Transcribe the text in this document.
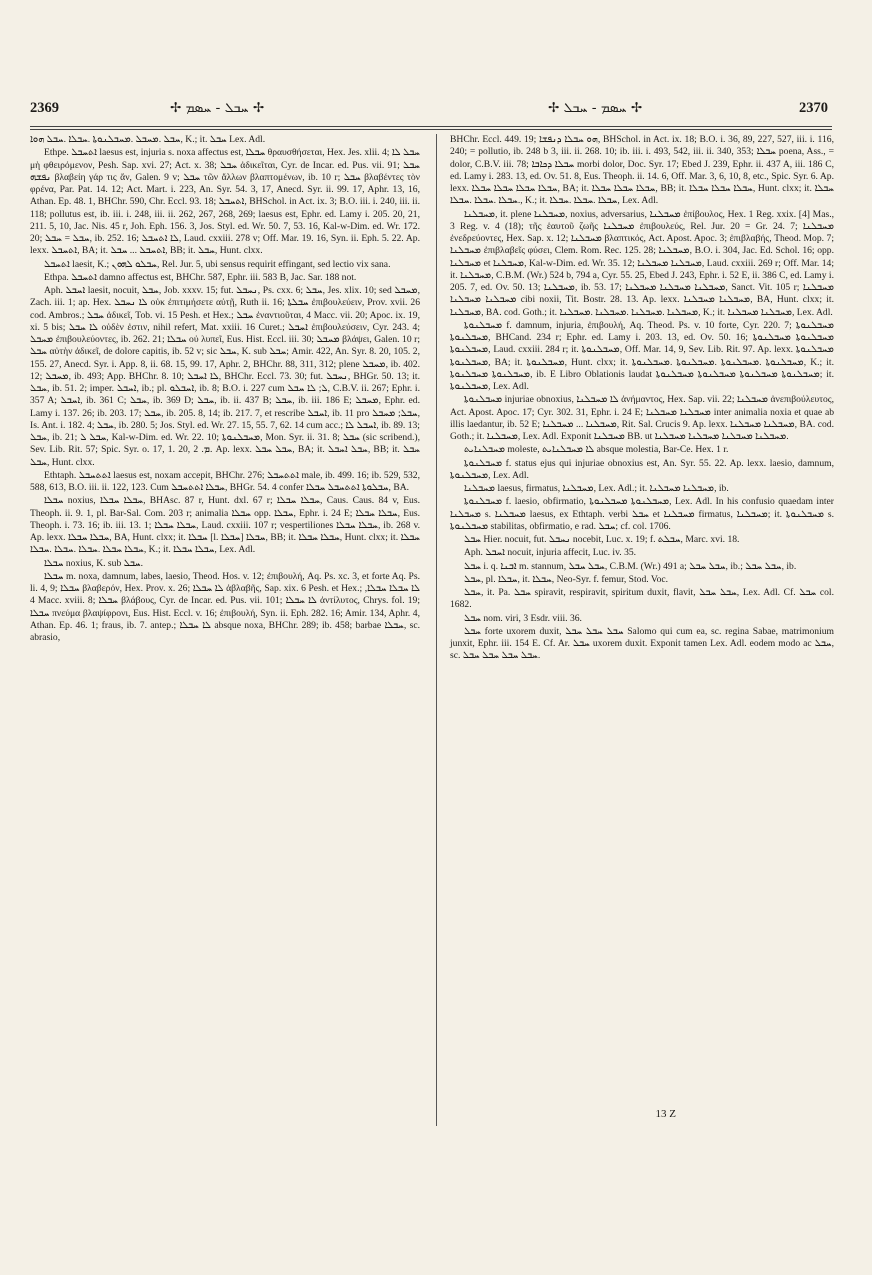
2369	✢ ܚܒܠ - ܚܣܡ ✢	✢ ܚܣܡ - ܚܒܠ ✢	2370

ܚܒܠ .ܡܚܒܠ .ܡܚܒܠܢܘܬܐ .ܚܒܠܐ .ܚܒܠ ܗܘܐ, K.; it. ܚܒܠ Lex. Adl.

Ethpe. ܐܬܚܒܠ laesus est, injuria s. noxa affectus est, ܚܒܠܐ θραυσθήσεται, Hex. Jes. xlii. 4; ܚܒܠ ܠܐ μὴ φθειρόμενον, Pesh. Sap. xvi. 27; Act. x. 38; ܚܒܠ ἀδικεῖται, Cyr. de Incar. ed. Pus. vii. 91; ܚܒܠ ܢܦܫܗ βλαβείη γάρ τις ἄν, Galen. 9 v; ܚܒܠ τῶν ἄλλων βλαπτομένων, ib. 10 r; ܚܒܠ βλαβέντες τὸν φρένα, Par. Pat. 14. 12; Act. Mart. i. 223, An. Syr. 54. 3, 17, Anecd. Syr. ii. 99. 17, Aphr. 13, 16, Athan. Ep. 48. 1, BHChr. 590, Chr. Eccl. 93. 18; ܐܬܚܒܠ, BHSchol. in Act. ix. 3; B.O. iii. i. 240, iii. ii. 118; pollutus est, ib. iii. i. 248, iii. ii. 262, 267, 268, 269; laesus est, Ephr. ed. Lamy i. 205. 20, 21, 211. 5, 10, Jac. Nis. 45 r, Joh. Eph. 156. 3, Jos. Styl. ed. Wr. 50. 7, 53. 16, Kal-w-Dim. ed. Wr. 172. 20; ܚܒܠ = ܚܒܠ, ib. 252. 16; ܠܐ ܐܬܚܒܠ, Laud. cxxiii. 278 v; Off. Mar. 19. 16, Syn. ii. Eph. 5. 22. Ap. lexx. ܐܬܚܒܠ, BA; it. ܐܬܚܒܠ ... ܚܒܠ, BB; it. ܚܒܠ, Hunt. clxx.

ܐܬܚܒܠ laesit, K.; ܚܒܠܘ ܠܗܘܢ, Rel. Jur. 5, ubi sensus requirit effingant, sed lectio vix sana.

Ethpa. ܐܬܚܒܠ damno affectus est, BHChr. 587, Ephr. iii. 583 B, Jac. Sar. 188 not.

Aph. ܐܚܒܠ laesit, nocuit, ܚܒܠ, Job. xxxv. 15; fut. ܢܚܒܠ, Ps. cxx. 6; ܚܒܠ, Jes. xlix. 10; sed ܡܚܒܠ, Zach. iii. 1; ap. Hex. ܠܐ ܢܚܒܠ οὐκ ἐπιτιμήσετε αὐτῇ, Ruth ii. 16; ܚܒܠܬܐ ἐπιβουλεύειν, Prov. xvii. 26 cod. Ambros.; ܚܒܠ ἀδικεῖ, Tob. vi. 15 Pesh. et Hex.; ܚܒܠ ἐναντιοῦται, 4 Macc. vii. 20; Apoc. ix. 19, xi. 5 bis; ܠܐ ܚܒܠ οὐδὲν ἐστιν, nihil refert, Mat. xxiii. 16 Curet.; ܐܚܒܠ ἐπιβουλεύσειν, Cyr. 243. 4; ܡܚܒܠ ἐπιβουλεύοντες, ib. 262. 21; ܚܒܠܐ οὐ λυπεῖ, Eus. Hist. Eccl. iii. 30; ܡܚܒܠ βλάψει, Galen. 10 r; ܚܒܠ αὐτὴν ἀδικεῖ, de dolore capitis, ib. 52 v; sic ܚܒܠ, K. sub ܚܒܠ; Amir. 422, An. Syr. 8. 20, 105. 2, 155. 27, Anecd. Syr. i. App. 8, ii. 68. 15, 99. 17, Aphr. 2, BHChr. 88, 311, 312; plene ܡܚܒܠ, ib. 402. 12; ܡܚܒܠ, ib. 493; App. BHChr. 8. 10; ܠܐ ܐܚܒܠ, BHChr. Eccl. 73. 30; fut. ܢܚܒܠ, BHGr. 50. 13; it. ܚܒܠ, ib. 51. 2; imper. ܐܚܒܠ, ib.; pl. ܐܚܒܠܘ, ib. 8; B.O. i. 227 cum ܠ; ܠܐ ܚܒܠ, C.B.V. ii. 267; Ephr. i. 357 A; ܐܚܒܠ, ib. 361 C; ܚܒܠ, ib. 369 D; ܚܒܠ, ib. ii. 437 B; ܚܒܠ, ib. iii. 186 E; ܡܚܒܠ, Ephr. ed. Lamy i. 137. 26; ib. 203. 17; ܚܒܠ, ib. 205. 8, 14; ib. 217. 7, et rescribe ܐܚܒܠ, ib. 11 pro ܚܒܠ; ܡܚܒܠ, Is. Ant. i. 182. 4; ܚܒܠ, ib. 280. 5; Jos. Styl. ed. Wr. 27. 15, 55. 7, 62. 14 cum acc.; ܐܚܒܠ ܠܐ, ib. 89. 13; ܚܒܠ, ib. 21; ܚܒܠ ܠ, Kal-w-Dim. ed. Wr. 22. 10; ܡܚܒܠܢܘܬܐ, Mon. Syr. ii. 31. 8; ܚܒܠ (sic scribend.), Sev. Lib. Rit. 57; Spic. Syr. o. 17, 1. 20, ܡ. 2. Ap. lexx. ܚܒܠ ܚܒܠ, BA; it. ܚܒܠ ܐܚܒܠ, BB; it. ܚܒܠ ܚܒܠ, Hunt. clxx.

Ethtaph. ܐܬܬܚܒܠ laesus est, noxam accepit, BHChr. 276; ܐܬܬܚܒܠ male, ib. 499. 16; ib. 529, 532, 588, 613, B.O. iii. ii. 122, 123. Cum ܚܒܠܐ ܐܬܬܚܒܠ, BHGr. 54. 4 confer ܚܒܠܘܬܐ ܐܬܬܚܒܠ ܚܒܠܐ, BA.

ܚܒܠܐ noxius, ܚܒܠܐ ܚܒܠܐ, BHAsc. 87 r, Hunt. dxl. 67 r; ܚܒܠܐ ܚܒܠܐ, Caus. Caus. 84 v, Eus. Theoph. ii. 9. 1, pl. Bar-Sal. Com. 203 r; animalia ܚܒܠܐ opp. ܚܒܠܐ, Ephr. i. 24 E; ܚܒܠܐ ܚܒܠܐ, Eus. Theoph. i. 73. 16; ib. iii. 13. 1; ܚܒܠܐ ܚܒܠܐ, Laud. cxxiii. 107 r; vespertiliones ܚܒܠܐ ܚܒܠܐ, ib. 268 v. Ap. lexx. ܚܒܠܐ ܚܒܠܐ, BA, Hunt. clxx; it. ܚܒܠܐ [l. ܚܒܠܐ] ܚܒܠܐ, BB; it. ܚܒܠܐ ܚܒܠܐ, Hunt. clxx; it. ܚܒܠܐ ܚܒܠܐ ܚܒܠܐ .ܚܒܠܐ .ܚܒܠܐ .ܚܒܠܐ, K.; it. ܚܒܠܐ ܚܒܠܐ, Lex. Adl.

ܚܒܠܐ noxius, K. sub ܚܒܠ.

ܚܒܠܐ m. noxa, damnum, labes, laesio, Theod. Hos. v. 12; ἐπιβουλή, Aq. Ps. xc. 3, et forte Aq. Ps. li. 4, 9; ܚܒܠܐ βλαβερόν, Hex. Prov. x. 26; ܠܐ ܚܒܠܐ ἀβλαβῆς, Sap. xix. 6 Pesh. et Hex.; ܠܐ ܚܒܠܐ ܚܒܠܐ, 4 Macc. xviii. 8; ܚܒܠܐ βλάβους, Cyr. de Incar. ed. Pus. vii. 101; ܠܐ ܚܒܠܐ ἀντίλυτος, Chrys. fol. 19; ܚܒܠܐ πνεύμα βλαψίφρονι, Eus. Hist. Eccl. v. 16; ἐπιβουλή, Syn. ii. Eph. 282. 16; Amir. 134, Aphr. 4, Athan. Ep. 46. 1; fraus, ib. 7. antep.; ܠܐ ܚܒܠܐ absque noxa, BHChr. 289; ib. 458; barbae ܚܒܠܐ, sc. abrasio,

BHChr. Eccl. 449. 19; ܗܘ ܚܒܠܐ ܕܢܦܫܐ, BHSchol. in Act. ix. 18; B.O. i. 36, 89, 227, 527, iii. i. 116, 240; = pollutio, ib. 248 b 3, iii. ii. 268. 10; ib. iii. i. 493, 542, iii. ii. 340, 353; ܚܒܠܐ poena, Ass., = dolor, C.B.V. iii. 78; ܚܒܠܐ ܕܟܐܒܐ morbi dolor, Doc. Syr. 17; Ebed J. 239, Ephr. ii. 437 A, iii. 186 C, ed. Lamy i. 283. 13, ed. Ov. 51. 8, Eus. Theoph. ii. 14. 6, Off. Mar. 3, 6, 10, 8, etc., Spic. Syr. 6. Ap. lexx. ܚܒܠܐ ܚܒܠܐ ܚܒܠܐ ܚܒܠܐ, BA; it. ܚܒܠܐ ܚܒܠܐ ܚܒܠܐ, BB; it. ܚܒܠܐ ܚܒܠܐ ܚܒܠܐ, Hunt. clxx; it. ܚܒܠܐ .ܚܒܠܐ .ܚܒܠܐ .ܚܒܠܐ, K.; it. ܚܒܠܐ .ܚܒܠܐ .ܚܒܠܐ, Lex. Adl.

ܡܚܒܠܢܐ, it. plene ܡܚܒܠܢܐ, noxius, adversarius, ܡܚܒܠܢܐ ἐπίβουλος, Hex. 1 Reg. xxix. [4] Mas., 3 Reg. v. 4 (18); τῆς ἑαυτοῦ ζωῆς ܡܚܒܠܢܐ ἐπιβουλεύς, Rel. Jur. 20 = Gr. 24. 7; ܡܚܒܠܢܐ ἐνεδρεύοντες, Hex. Sap. x. 12; ܡܚܒܠܢܐ βλαπτικός, Act. Apost. Apoc. 3; ἐπιβλαβής, Theod. Mop. 7; ܡܚܒܠܢܐ ἐπιβλαβεῖς φύσει, Clem. Rom. Rec. 125. 28; ܡܚܒܠܢܐ, B.O. i. 304, Jac. Ed. Schol. 16; opp. ܡܚܒܠܢܐ et ܡܚܒܠܢܐ, Kal-w-Dim. ed. Wr. 35. 12; ܡܚܒܠܢܐ ܡܚܒܠܢܐ, Laud. cxxiii. 269 r; Off. Mar. 14; it. ܡܚܒܠܢܐ, C.B.M. (Wr.) 524 b, 794 a, Cyr. 55. 25, Ebed J. 243, Ephr. i. 52 E, ii. 386 C, ed. Lamy i. 205. 7, ed. Ov. 50. 13; ܡܚܒܠܢܐ, ib. 53. 17; ܡܚܒܠܢܐ ܡܚܒܠܢܐ ܡܚܒܠܢܐ, Sanct. Vit. 105 r; ܡܚܒܠܢܐ ܡܚܒܠܢܐ ܡܚܒܠܢܐ cibi noxii, Tit. Bostr. 28. 13. Ap. lexx. ܡܚܒܠܢܐ ܡܚܒܠܢܐ, BA, Hunt. clxx; it. ܡܚܒܠܢܐ, BA. cod. Goth.; it. ܡܚܒܠܢܐ .ܡܚܒܠܢܐ .ܡܚܒܠܢܐ .ܡܚܒܠܢܐ, K.; it. ܡܚܒܠܢܐ ܡܚܒܠܢܐ, Lex. Adl.

ܡܚܒܠܢܘܬܐ f. damnum, injuria, ἐπιβουλή, Aq. Theod. Ps. v. 10 forte, Cyr. 220. 7; ܡܚܒܠܢܘܬܐ ܡܚܒܠܢܘܬܐ, BHCand. 234 r; Ephr. ed. Lamy i. 203. 13, ed. Ov. 50. 16; ܡܚܒܠܢܘܬܐ ܡܚܒܠܢܘܬܐ ܡܚܒܠܢܘܬܐ, Laud. cxxiii. 284 r; it. ܡܚܒܠܢܘܬܐ, Off. Mar. 14, 9, Sev. Lib. Rit. 97. Ap. lexx. ܡܚܒܠܢܘܬܐ ܡܚܒܠܢܘܬܐ, BA; it. ܡܚܒܠܢܘܬܐ, Hunt. clxx; it. ܡܚܒܠܢܘܬܐ .ܡܚܒܠܢܘܬܐ .ܡܚܒܠܢܘܬܐ .ܡܚܒܠܢܘܬܐ, K.; it. ܡܚܒܠܢܘܬܐ ܡܚܒܠܢܘܬܐ, ib. E Libro Oblationis laudat ܡܚܒܠܢܘܬܐ ܡܚܒܠܢܘܬܐ ܡܚܒܠܢܘܬܐ ܡܚܒܠܢܘܬܐ; it. ܡܚܒܠܢܘܬܐ, Lex. Adl.

ܡܚܒܠܢܘܬܐ injuriae obnoxius, ܠܐ ܡܚܒܠܢܐ ἀνήμαντος, Hex. Sap. vii. 22; ܡܚܒܠܢܐ ἀνεπιβούλευτος, Act. Apost. Apoc. 17; Cyr. 302. 31, Ephr. i. 24 E; ܡܚܒܠܢܐ ܡܚܒܠܢܐ inter animalia noxia et quae ab illis laedantur, ib. 52 E; ܡܚܒܠܢܐ ... ܡܚܒܠܢܐ, Rit. Sal. Crucis 9. Ap. lexx. ܡܚܒܠܢܐ ܡܚܒܠܢܐ, BA. cod. Goth.; it. ܡܚܒܠܢܐ, Lex. Adl. Exponit ܡܚܒܠܢܐ BB. ut ܡܚܒܠܢܐ ܡܚܒܠܢܐ ܡܚܒܠܢܐ ܡܚܒܠܢܐ.

ܡܚܒܠܢܐܝܬ moleste, ܠܐ ܡܚܒܠܢܐܝܬ absque molestia, Bar-Ce. Hex. 1 r.

ܡܚܒܠܢܘܬܐ f. status ejus qui injuriae obnoxius est, An. Syr. 55. 22. Ap. lexx. laesio, damnum, ܡܚܒܠܢܘܬܐ, Lex. Adl.

ܡܚܒܠܢܐ laesus, firmatus, ܡܚܒܠܢܐ, Lex. Adl.; it. ܡܚܒܠܢܐ ܡܚܒܠܢܐ, ib.

ܡܚܒܠܢܘܬܐ f. laesio, obfirmatio, ܡܚܒܠܢܘܬܐ ܡܚܒܠܢܘܬܐ, Lex. Adl. In his confusio quaedam inter ܡܚܒܠܢܐ s. ܡܚܒܠܢܐ laesus, ex Ethtaph. verbi ܚܒܠ et ܡܚܒܠܢܐ firmatus, ܡܚܒܠܢܐ; it. ܡܚܒܠܢܘܬܐ s. ܡܚܒܠܢܘܬܐ stabilitas, obfirmatio, e rad. ܚܒܠ; cf. col. 1706.

ܚܒܠ Hier. nocuit, fut. ܢܚܒܠ nocebit, Luc. x. 19; f. ܚܒܠܬ, Marc. xvi. 18.

Aph. ܐܚܒܠ nocuit, injuria affecit, Luc. iv. 35.

ܚܒܠ i. q. ܐܒܢܐ m. stannum, ܚܒܠ ܚܒܠ, C.B.M. (Wr.) 491 a; ܚܒܠ ܚܒܠ, ib.; ܚܒܠ ܚܒܠ, ib.

ܚܒܠ, pl. ܚܒܠܐ, it. ܚܒܠܐ, Neo-Syr. f. femur, Stod. Voc.

ܚܒܠ, it. Pa. ܚܒܠ spiravit, respiravit, spiritum duxit, flavit, ܚܒܠ ܚܒܠ, Lex. Adl. Cf. ܚܒܠ col. 1682.

ܚܒܠ nom. viri, 3 Esdr. viii. 36.

ܚܒܠ forte uxorem duxit, ܚܒܠ ܚܒܠ ܚܒܠ Salomo qui cum ea, sc. regina Sabae, matrimonium junxit, Ephr. iii. 154 E. Cf. Ar. ܚܒܠ uxorem duxit. Exponit tamen Lex. Adl. eodem modo ac ܚܒܠ, sc. ܚܒܠ ܚܒܠ ܚܒܠ ܚܒܠ.

13 Z
